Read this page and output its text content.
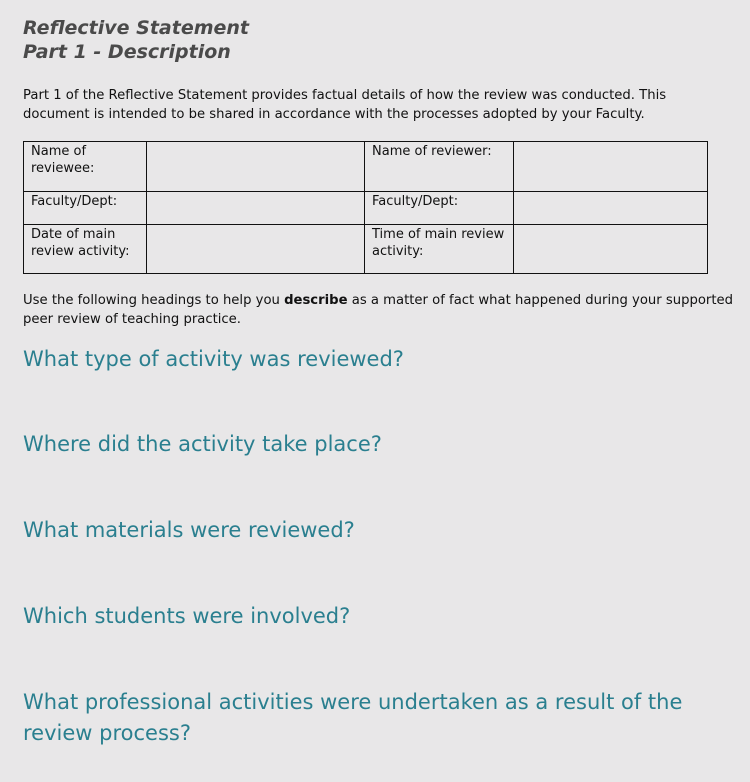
Reflective Statement
Part 1 - Description

Part 1 of the Reflective Statement provides factual details of how the review was conducted. This document is intended to be shared in accordance with the processes adopted by your Faculty.

Name of reviewee:		Name of reviewer:	
Faculty/Dept:		Faculty/Dept:	
Date of main review activity:		Time of main review activity:	

Use the following headings to help you describe as a matter of fact what happened during your supported peer review of teaching practice.

What type of activity was reviewed?
Where did the activity take place?
What materials were reviewed?
Which students were involved?
What professional activities were undertaken as a result of the review process?
